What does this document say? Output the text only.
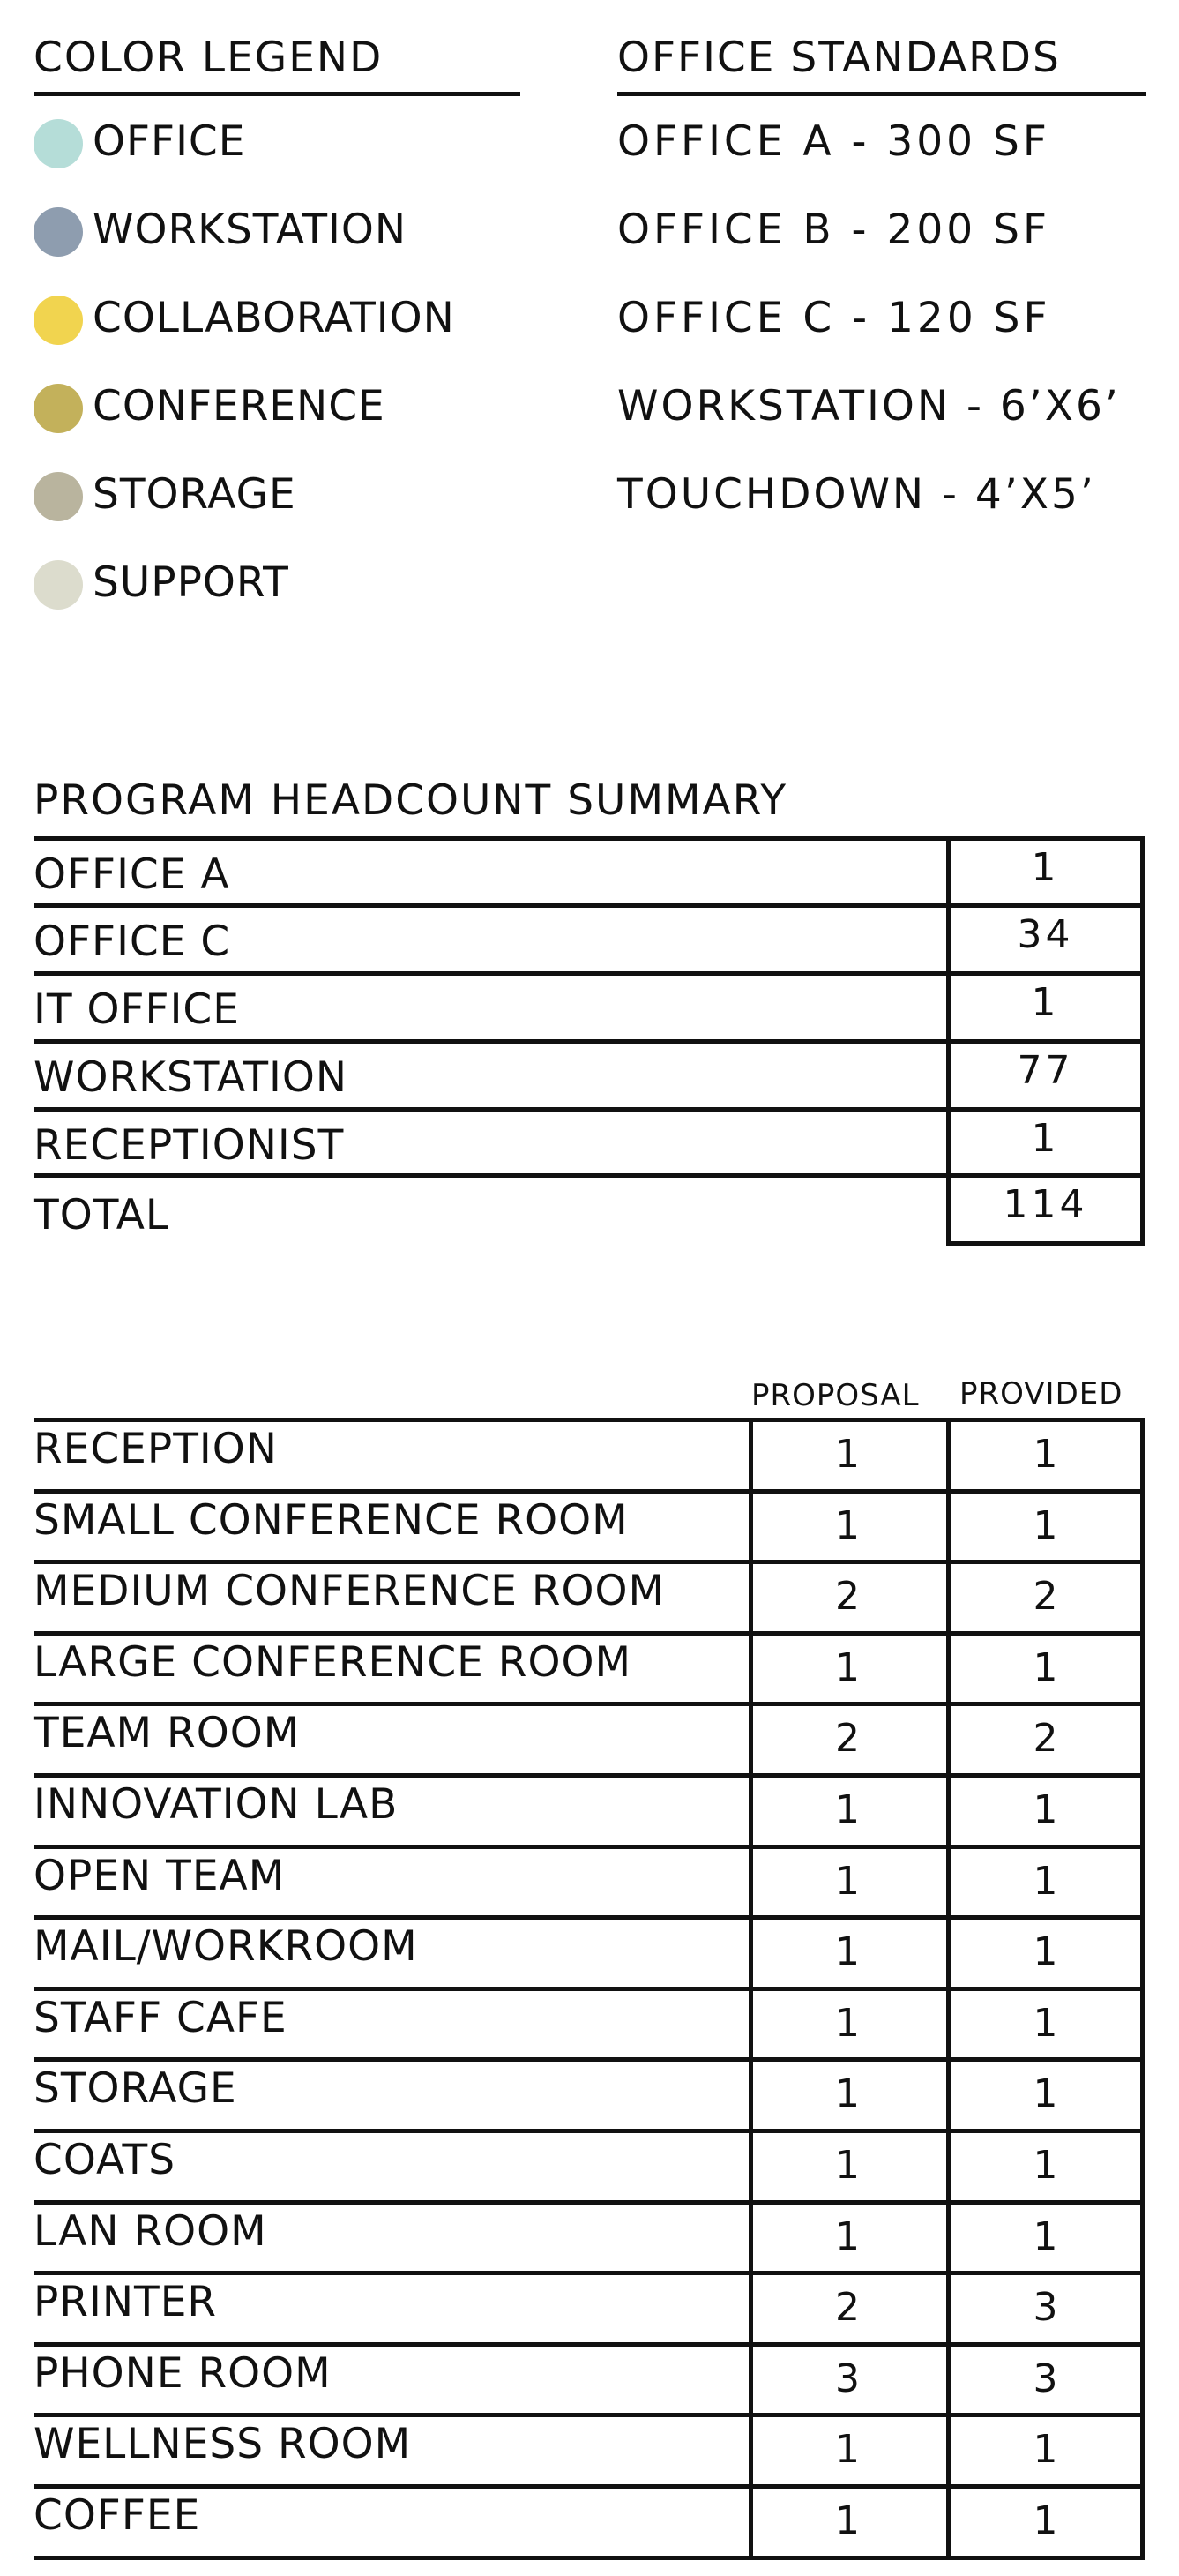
COLOR LEGEND
OFFICE
WORKSTATION
COLLABORATION
CONFERENCE
STORAGE
SUPPORT
OFFICE STANDARDS
OFFICE A - 300 SF
OFFICE B - 200 SF
OFFICE C - 120 SF
WORKSTATION - 6’X6’
TOUCHDOWN - 4’X5’
PROGRAM HEADCOUNT SUMMARY
OFFICE A	1
OFFICE C	34
IT OFFICE	1
WORKSTATION	77
RECEPTIONIST	1
TOTAL	114
PROPOSAL PROVIDED
RECEPTION	1	1
SMALL CONFERENCE ROOM	1	1
MEDIUM CONFERENCE ROOM	2	2
LARGE CONFERENCE ROOM	1	1
TEAM ROOM	2	2
INNOVATION LAB	1	1
OPEN TEAM	1	1
MAIL/WORKROOM	1	1
STAFF CAFE	1	1
STORAGE	1	1
COATS	1	1
LAN ROOM	1	1
PRINTER	2	3
PHONE ROOM	3	3
WELLNESS ROOM	1	1
COFFEE	1	1
